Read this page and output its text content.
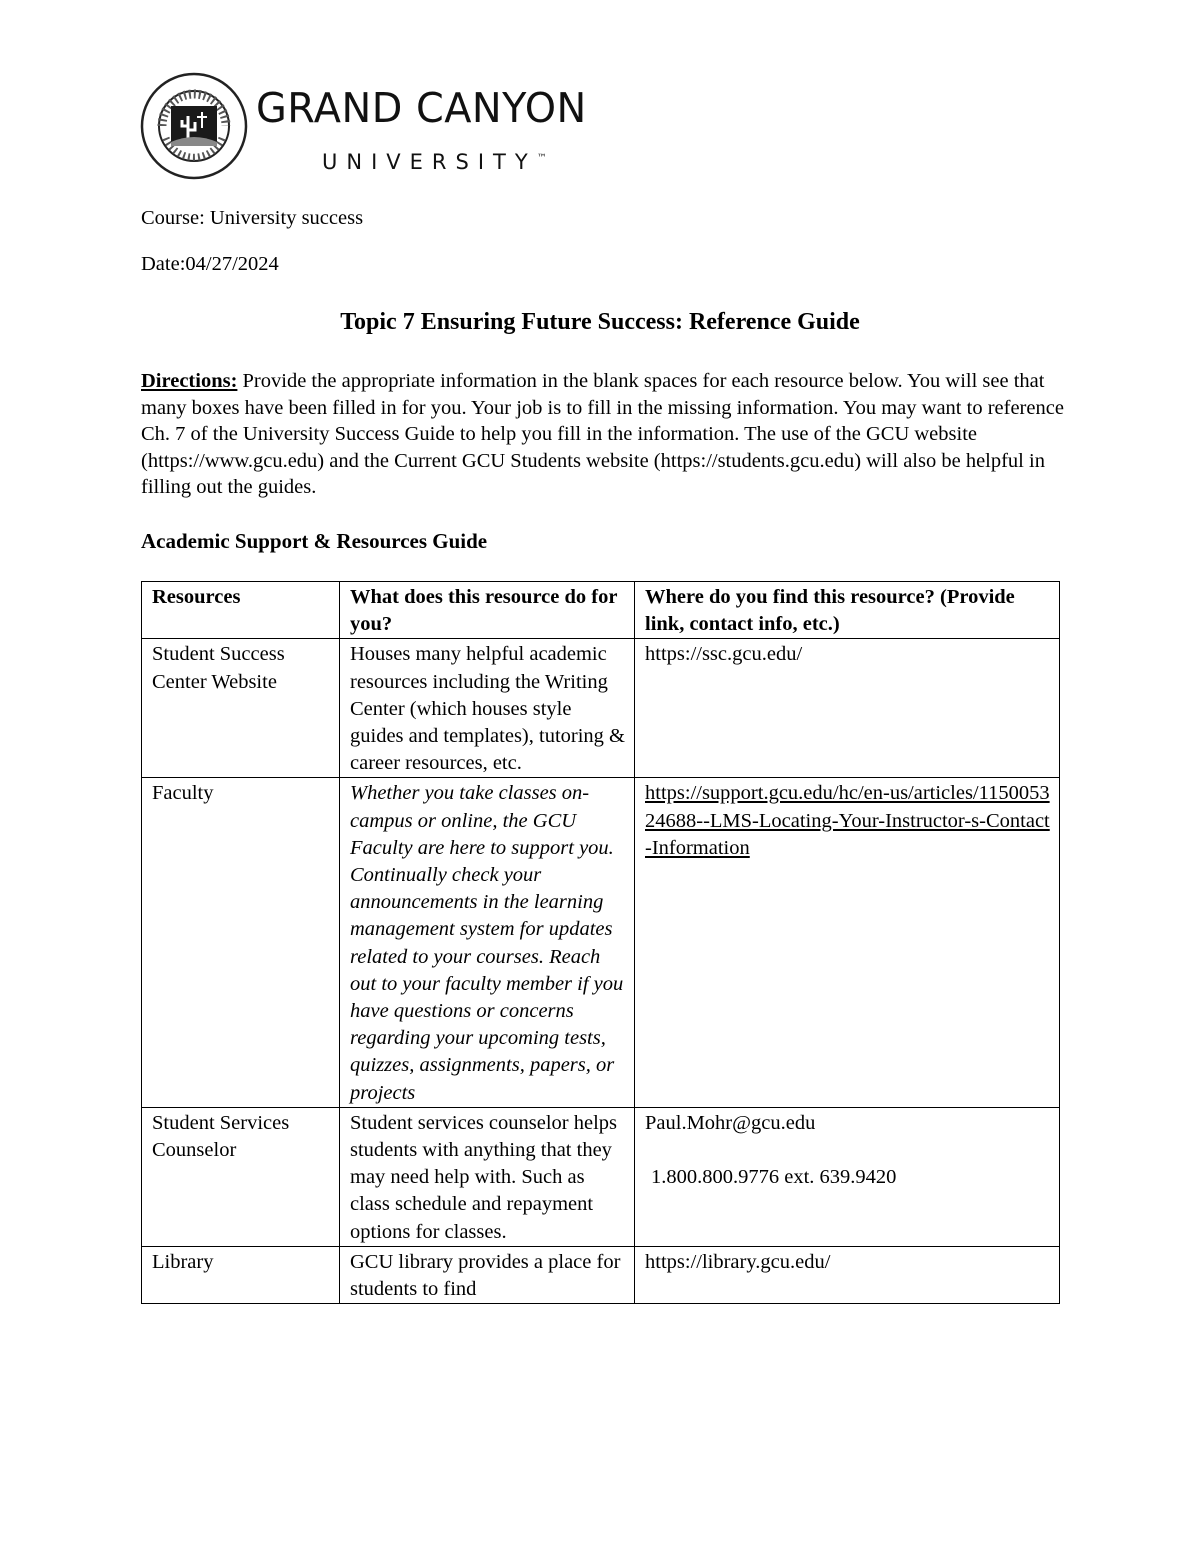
GRAND CANYON

UNIVERSITY™

Course: University success

Date:04/27/2024

Topic 7 Ensuring Future Success: Reference Guide

Directions: Provide the appropriate information in the blank spaces for each resource below. You will see that many boxes have been filled in for you. Your job is to fill in the missing information. You may want to reference Ch. 7 of the University Success Guide to help you fill in the information. The use of the GCU website (https://www.gcu.edu) and the Current GCU Students website (https://students.gcu.edu) will also be helpful in filling out the guides.

Academic Support & Resources Guide
Resources	What does this resource do for you?	Where do you find this resource? (Provide link, contact info, etc.)
Student Success Center Website	Houses many helpful academic resources including the Writing Center (which houses style guides and templates), tutoring & career resources, etc.	https://ssc.gcu.edu/
Faculty	Whether you take classes on-campus or online, the GCU Faculty are here to support you. Continually check your announcements in the learning management system for updates related to your courses. Reach out to your faculty member if you have questions or concerns regarding your upcoming tests, quizzes, assignments, papers, or projects	https://support.gcu.edu/hc/en-us/articles/115005324688--LMS-Locating-Your-Instructor-s-Contact-Information
Student Services Counselor	Student services counselor helps students with anything that they may need help with. Such as class schedule and repayment options for classes.	Paul.Mohr@gcu.edu
1.800.800.9776 ext. 639.9420

Library	GCU library provides a place for students to find	https://library.gcu.edu/
